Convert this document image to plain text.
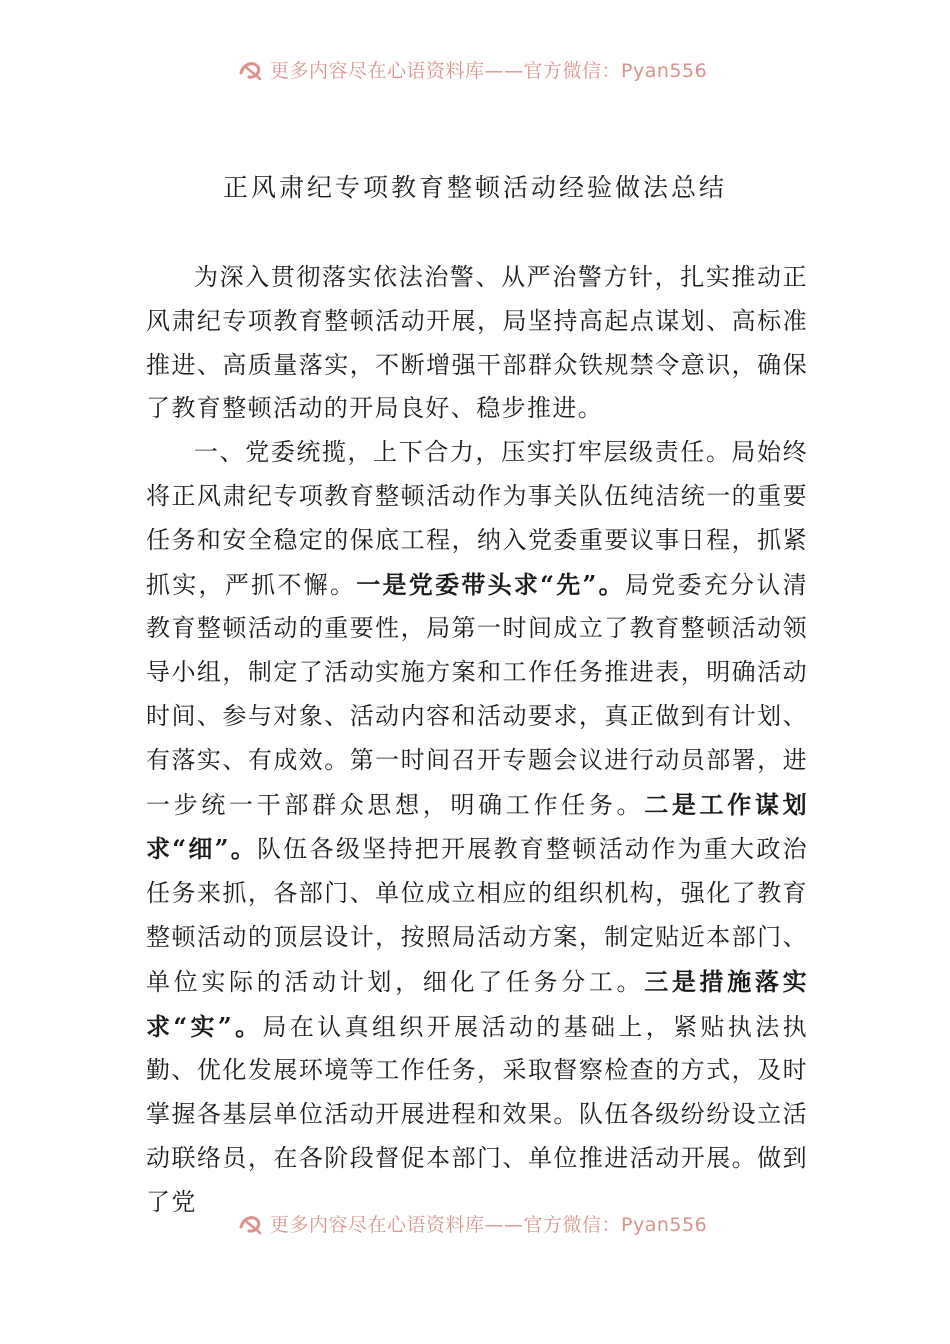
更多内容尽在心语资料库——官方微信：Pyan556
正风肃纪专项教育整顿活动经验做法总结

为深入贯彻落实依法治警、从严治警方针，扎实推动正风肃纪专项教育整顿活动开展，局坚持高起点谋划、高标准推进、高质量落实，不断增强干部群众铁规禁令意识，确保了教育整顿活动的开局良好、稳步推进。

一、党委统揽，上下合力，压实打牢层级责任。局始终将正风肃纪专项教育整顿活动作为事关队伍纯洁统一的重要任务和安全稳定的保底工程，纳入党委重要议事日程，抓紧抓实，严抓不懈。一是党委带头求“先”。局党委充分认清教育整顿活动的重要性，局第一时间成立了教育整顿活动领导小组，制定了活动实施方案和工作任务推进表，明确活动时间、参与对象、活动内容和活动要求，真正做到有计划、有落实、有成效。第一时间召开专题会议进行动员部署，进一步统一干部群众思想，明确工作任务。二是工作谋划求“细”。队伍各级坚持把开展教育整顿活动作为重大政治任务来抓，各部门、单位成立相应的组织机构，强化了教育整顿活动的顶层设计，按照局活动方案，制定贴近本部门、单位实际的活动计划，细化了任务分工。三是措施落实求“实”。局在认真组织开展活动的基础上，紧贴执法执勤、优化发展环境等工作任务，采取督察检查的方式，及时掌握各基层单位活动开展进程和效果。队伍各级纷纷设立活动联络员，在各阶段督促本部门、单位推进活动开展。做到了党

更多内容尽在心语资料库——官方微信：Pyan556
